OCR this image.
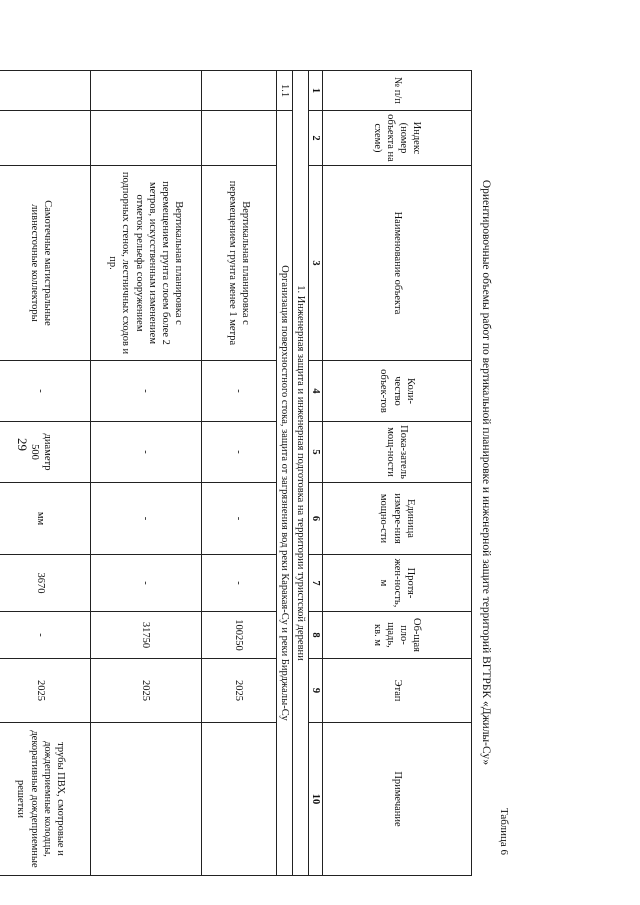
29
Таблица 6
Ориентировочные объемы работ по вертикальной планировке и инженерной защите территорий ВГТРБК «Джилы-Су»
№ п/п	Индекс (номер объекта на схеме)	Наименование объекта	Коли-чество объек-тов	Пока-затель мощ-ности	Единица измере-ния мощно-сти	Протя-жен-ность, м	Об-щая пло-щадь, кв. м	Этап	Примечание
1	2	3	4	5	6	7	8	9	10
1. Инженерная защита и инженерная подготовка на территории туристской деревни									
1.1	Организация поверхностного стока, защита от загрязнения вод реки Каракая-Су и реки Бирджалы-Су								
		Вертикальная планировка с перемещением грунта менее 1 метра	-	-	-	-	100250	2025	
		Вертикальная планировка с перемещением грунта слоем более 2 метров, искусственным изменением отметок рельефа сооружением подпорных стенок, лестничных сходов и пр.	-	-	-	-	31750	2025	
		Самотечные магистральные ливнесточные коллекторы	-	диаметр 500	мм	3670	-	2025	трубы ПВХ, смотровые и дождеприемные колодцы, декоративные дождеприемные решетки
